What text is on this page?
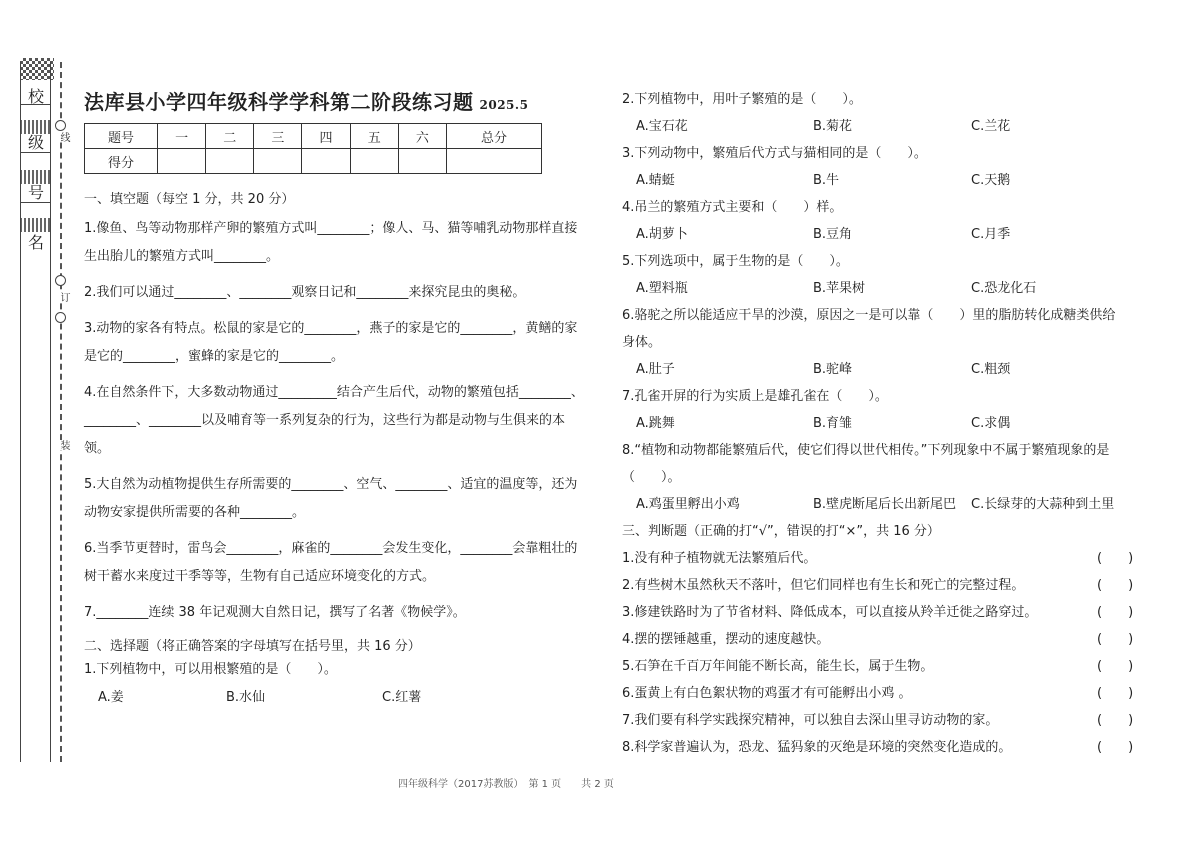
校
级
号
名
线
订
装
法库县小学四年级科学学科第二阶段练习题 2025.5
题号	一	二	三	四	五	六	总分
得分							
一、填空题（每空 1 分，共 20 分）
1.像鱼、鸟等动物那样产卵的繁殖方式叫________；像人、马、猫等哺乳动物那样直接生出胎儿的繁殖方式叫________。
2.我们可以通过________、________观察日记和________来探究昆虫的奥秘。
3.动物的家各有特点。松鼠的家是它的________，燕子的家是它的________，黄鳝的家是它的________，蜜蜂的家是它的________。
4.在自然条件下，大多数动物通过_________结合产生后代，动物的繁殖包括________、________、________以及哺育等一系列复杂的行为，这些行为都是动物与生俱来的本领。
5.大自然为动植物提供生存所需要的________、空气、________、适宜的温度等，还为动物安家提供所需要的各种________。
6.当季节更替时，雷鸟会________，麻雀的________会发生变化，________会靠粗壮的树干蓄水来度过干季等等，生物有自己适应环境变化的方式。
7.________连续 38 年记观测大自然日记，撰写了名著《物候学》。
二、选择题（将正确答案的字母填写在括号里，共 16 分）
1.下列植物中，可以用根繁殖的是（　　）。
A.姜	B.水仙	C.红薯
2.下列植物中，用叶子繁殖的是（　　）。
A.宝石花	B.菊花	C.兰花
3.下列动物中，繁殖后代方式与猫相同的是（　　）。
A.蜻蜓	B.牛	C.天鹅
4.吊兰的繁殖方式主要和（　　）样。
A.胡萝卜	B.豆角	C.月季
5.下列选项中，属于生物的是（　　）。
A.塑料瓶	B.苹果树	C.恐龙化石
6.骆驼之所以能适应干旱的沙漠，原因之一是可以靠（　　）里的脂肪转化成糖类供给身体。
A.肚子	B.驼峰	C.粗颈
7.孔雀开屏的行为实质上是雄孔雀在（　　）。
A.跳舞	B.育雏	C.求偶
8.“植物和动物都能繁殖后代，使它们得以世代相传。”下列现象中不属于繁殖现象的是（　　）。
A.鸡蛋里孵出小鸡	B.壁虎断尾后长出新尾巴	C.长绿芽的大蒜种到土里
三、判断题（正确的打“√”，错误的打“×”，共 16 分）
1.没有种子植物就无法繁殖后代。	(　　)
2.有些树木虽然秋天不落叶，但它们同样也有生长和死亡的完整过程。	(　　)
3.修建铁路时为了节省材料、降低成本，可以直接从羚羊迁徙之路穿过。	(　　)
4.摆的摆锤越重，摆动的速度越快。	(　　)
5.石笋在千百万年间能不断长高，能生长，属于生物。	(　　)
6.蛋黄上有白色絮状物的鸡蛋才有可能孵出小鸡 。	(　　)
7.我们要有科学实践探究精神，可以独自去深山里寻访动物的家。	(　　)
8.科学家普遍认为，恐龙、猛犸象的灭绝是环境的突然变化造成的。	(　　)
四年级科学（2017苏教版）　第 1 页　　共 2 页
